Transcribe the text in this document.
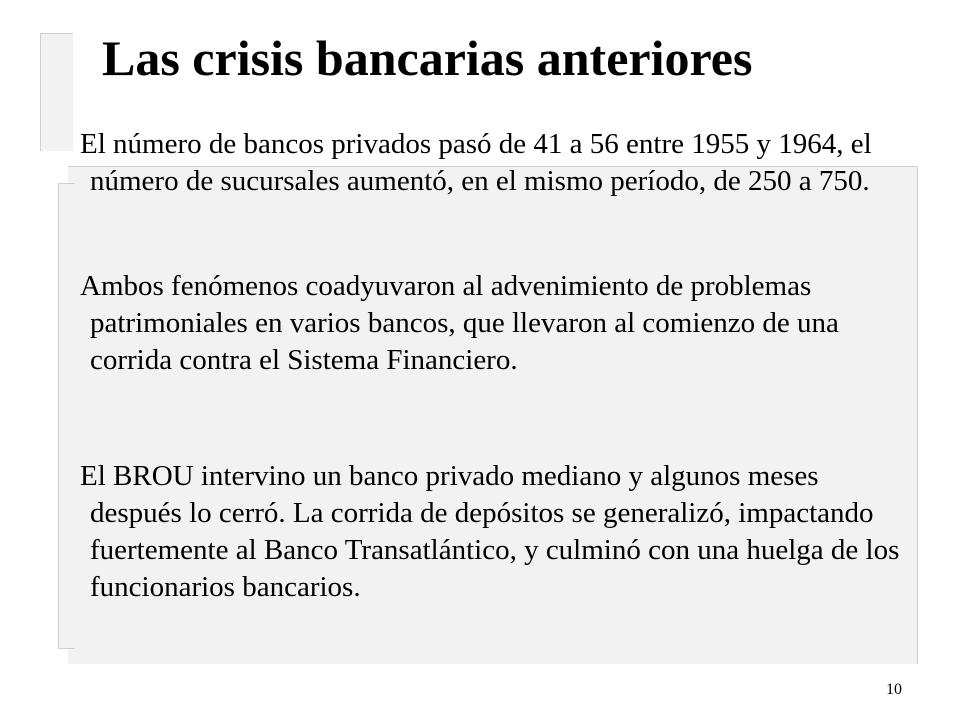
Las crisis bancarias anteriores

El número de bancos privados pasó de 41 a 56 entre 1955 y 1964, el número de sucursales aumentó, en el mismo período, de 250 a 750.

Ambos fenómenos coadyuvaron al advenimiento de problemas patrimoniales en varios bancos, que llevaron al comienzo de una corrida contra el Sistema Financiero.

El BROU intervino un banco privado mediano y algunos meses después lo cerró. La corrida de depósitos se generalizó, impactando fuertemente al Banco Transatlántico, y culminó con una huelga de los funcionarios bancarios.

10
